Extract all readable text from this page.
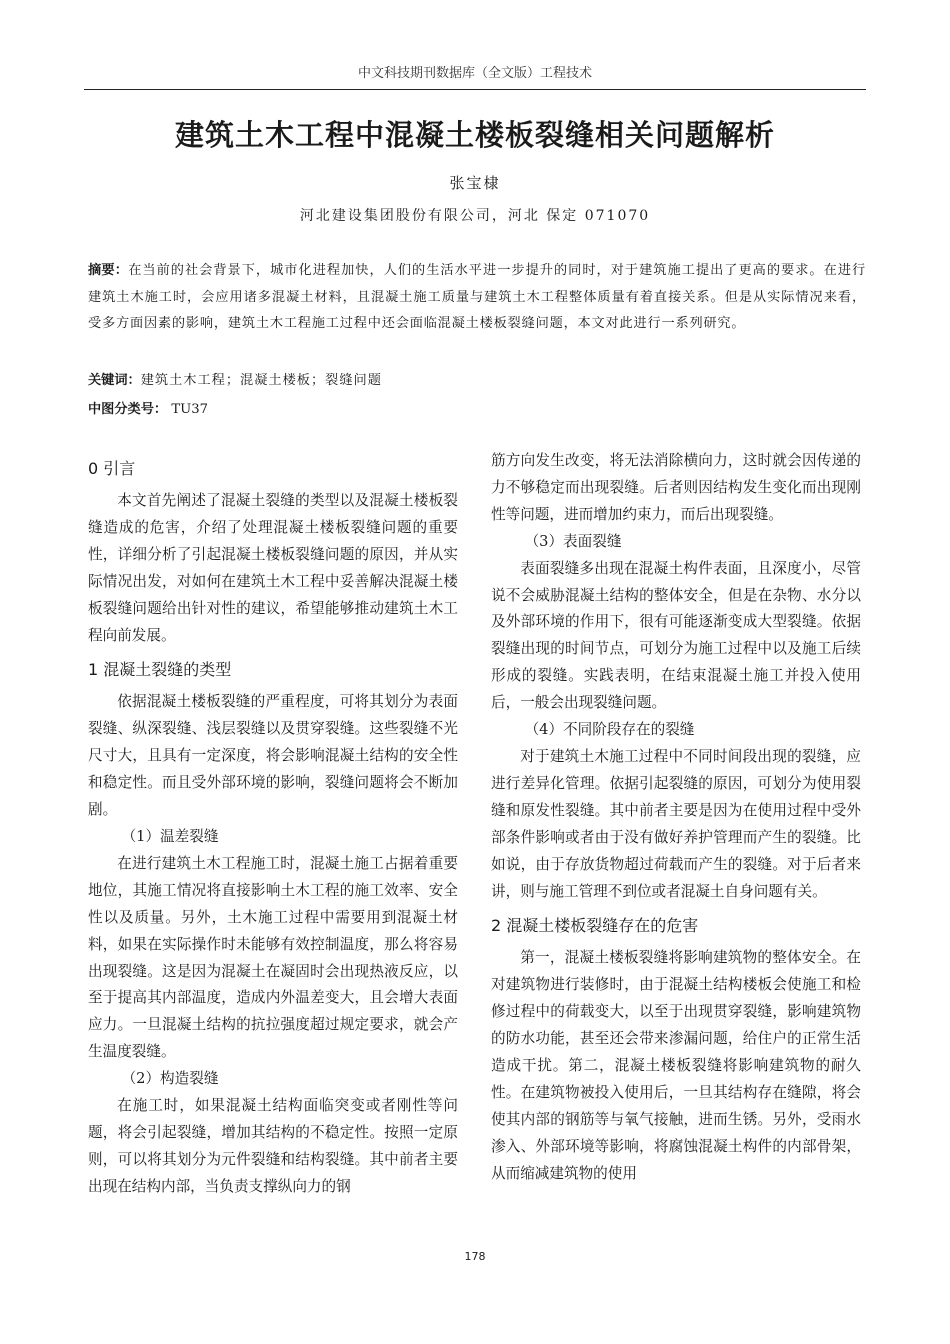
中文科技期刊数据库（全文版）工程技术
建筑土木工程中混凝土楼板裂缝相关问题解析
张宝棣
河北建设集团股份有限公司，河北 保定 071070
摘要：在当前的社会背景下，城市化进程加快，人们的生活水平进一步提升的同时，对于建筑施工提出了更高的要求。在进行建筑土木施工时，会应用诸多混凝土材料，且混凝土施工质量与建筑土木工程整体质量有着直接关系。但是从实际情况来看，受多方面因素的影响，建筑土木工程施工过程中还会面临混凝土楼板裂缝问题，本文对此进行一系列研究。
关键词：建筑土木工程；混凝土楼板；裂缝问题
中图分类号： TU37
0 引言

本文首先阐述了混凝土裂缝的类型以及混凝土楼板裂缝造成的危害，介绍了处理混凝土楼板裂缝问题的重要性，详细分析了引起混凝土楼板裂缝问题的原因，并从实际情况出发，对如何在建筑土木工程中妥善解决混凝土楼板裂缝问题给出针对性的建议，希望能够推动建筑土木工程向前发展。

1 混凝土裂缝的类型

依据混凝土楼板裂缝的严重程度，可将其划分为表面裂缝、纵深裂缝、浅层裂缝以及贯穿裂缝。这些裂缝不光尺寸大，且具有一定深度，将会影响混凝土结构的安全性和稳定性。而且受外部环境的影响，裂缝问题将会不断加剧。

（1）温差裂缝

在进行建筑土木工程施工时，混凝土施工占据着重要地位，其施工情况将直接影响土木工程的施工效率、安全性以及质量。另外，土木施工过程中需要用到混凝土材料，如果在实际操作时未能够有效控制温度，那么将容易出现裂缝。这是因为混凝土在凝固时会出现热液反应，以至于提高其内部温度，造成内外温差变大，且会增大表面应力。一旦混凝土结构的抗拉强度超过规定要求，就会产生温度裂缝。

（2）构造裂缝

在施工时，如果混凝土结构面临突变或者刚性等问题，将会引起裂缝，增加其结构的不稳定性。按照一定原则，可以将其划分为元件裂缝和结构裂缝。其中前者主要出现在结构内部，当负责支撑纵向力的钢

筋方向发生改变，将无法消除横向力，这时就会因传递的力不够稳定而出现裂缝。后者则因结构发生变化而出现刚性等问题，进而增加约束力，而后出现裂缝。

（3）表面裂缝

表面裂缝多出现在混凝土构件表面，且深度小，尽管说不会威胁混凝土结构的整体安全，但是在杂物、水分以及外部环境的作用下，很有可能逐渐变成大型裂缝。依据裂缝出现的时间节点，可划分为施工过程中以及施工后续形成的裂缝。实践表明，在结束混凝土施工并投入使用后，一般会出现裂缝问题。

（4）不同阶段存在的裂缝

对于建筑土木施工过程中不同时间段出现的裂缝，应进行差异化管理。依据引起裂缝的原因，可划分为使用裂缝和原发性裂缝。其中前者主要是因为在使用过程中受外部条件影响或者由于没有做好养护管理而产生的裂缝。比如说，由于存放货物超过荷载而产生的裂缝。对于后者来讲，则与施工管理不到位或者混凝土自身问题有关。

2 混凝土楼板裂缝存在的危害

第一，混凝土楼板裂缝将影响建筑物的整体安全。在对建筑物进行装修时，由于混凝土结构楼板会使施工和检修过程中的荷载变大，以至于出现贯穿裂缝，影响建筑物的防水功能，甚至还会带来渗漏问题，给住户的正常生活造成干扰。第二，混凝土楼板裂缝将影响建筑物的耐久性。在建筑物被投入使用后，一旦其结构存在缝隙，将会使其内部的钢筋等与氧气接触，进而生锈。另外，受雨水渗入、外部环境等影响，将腐蚀混凝土构件的内部骨架，从而缩减建筑物的使用

178
